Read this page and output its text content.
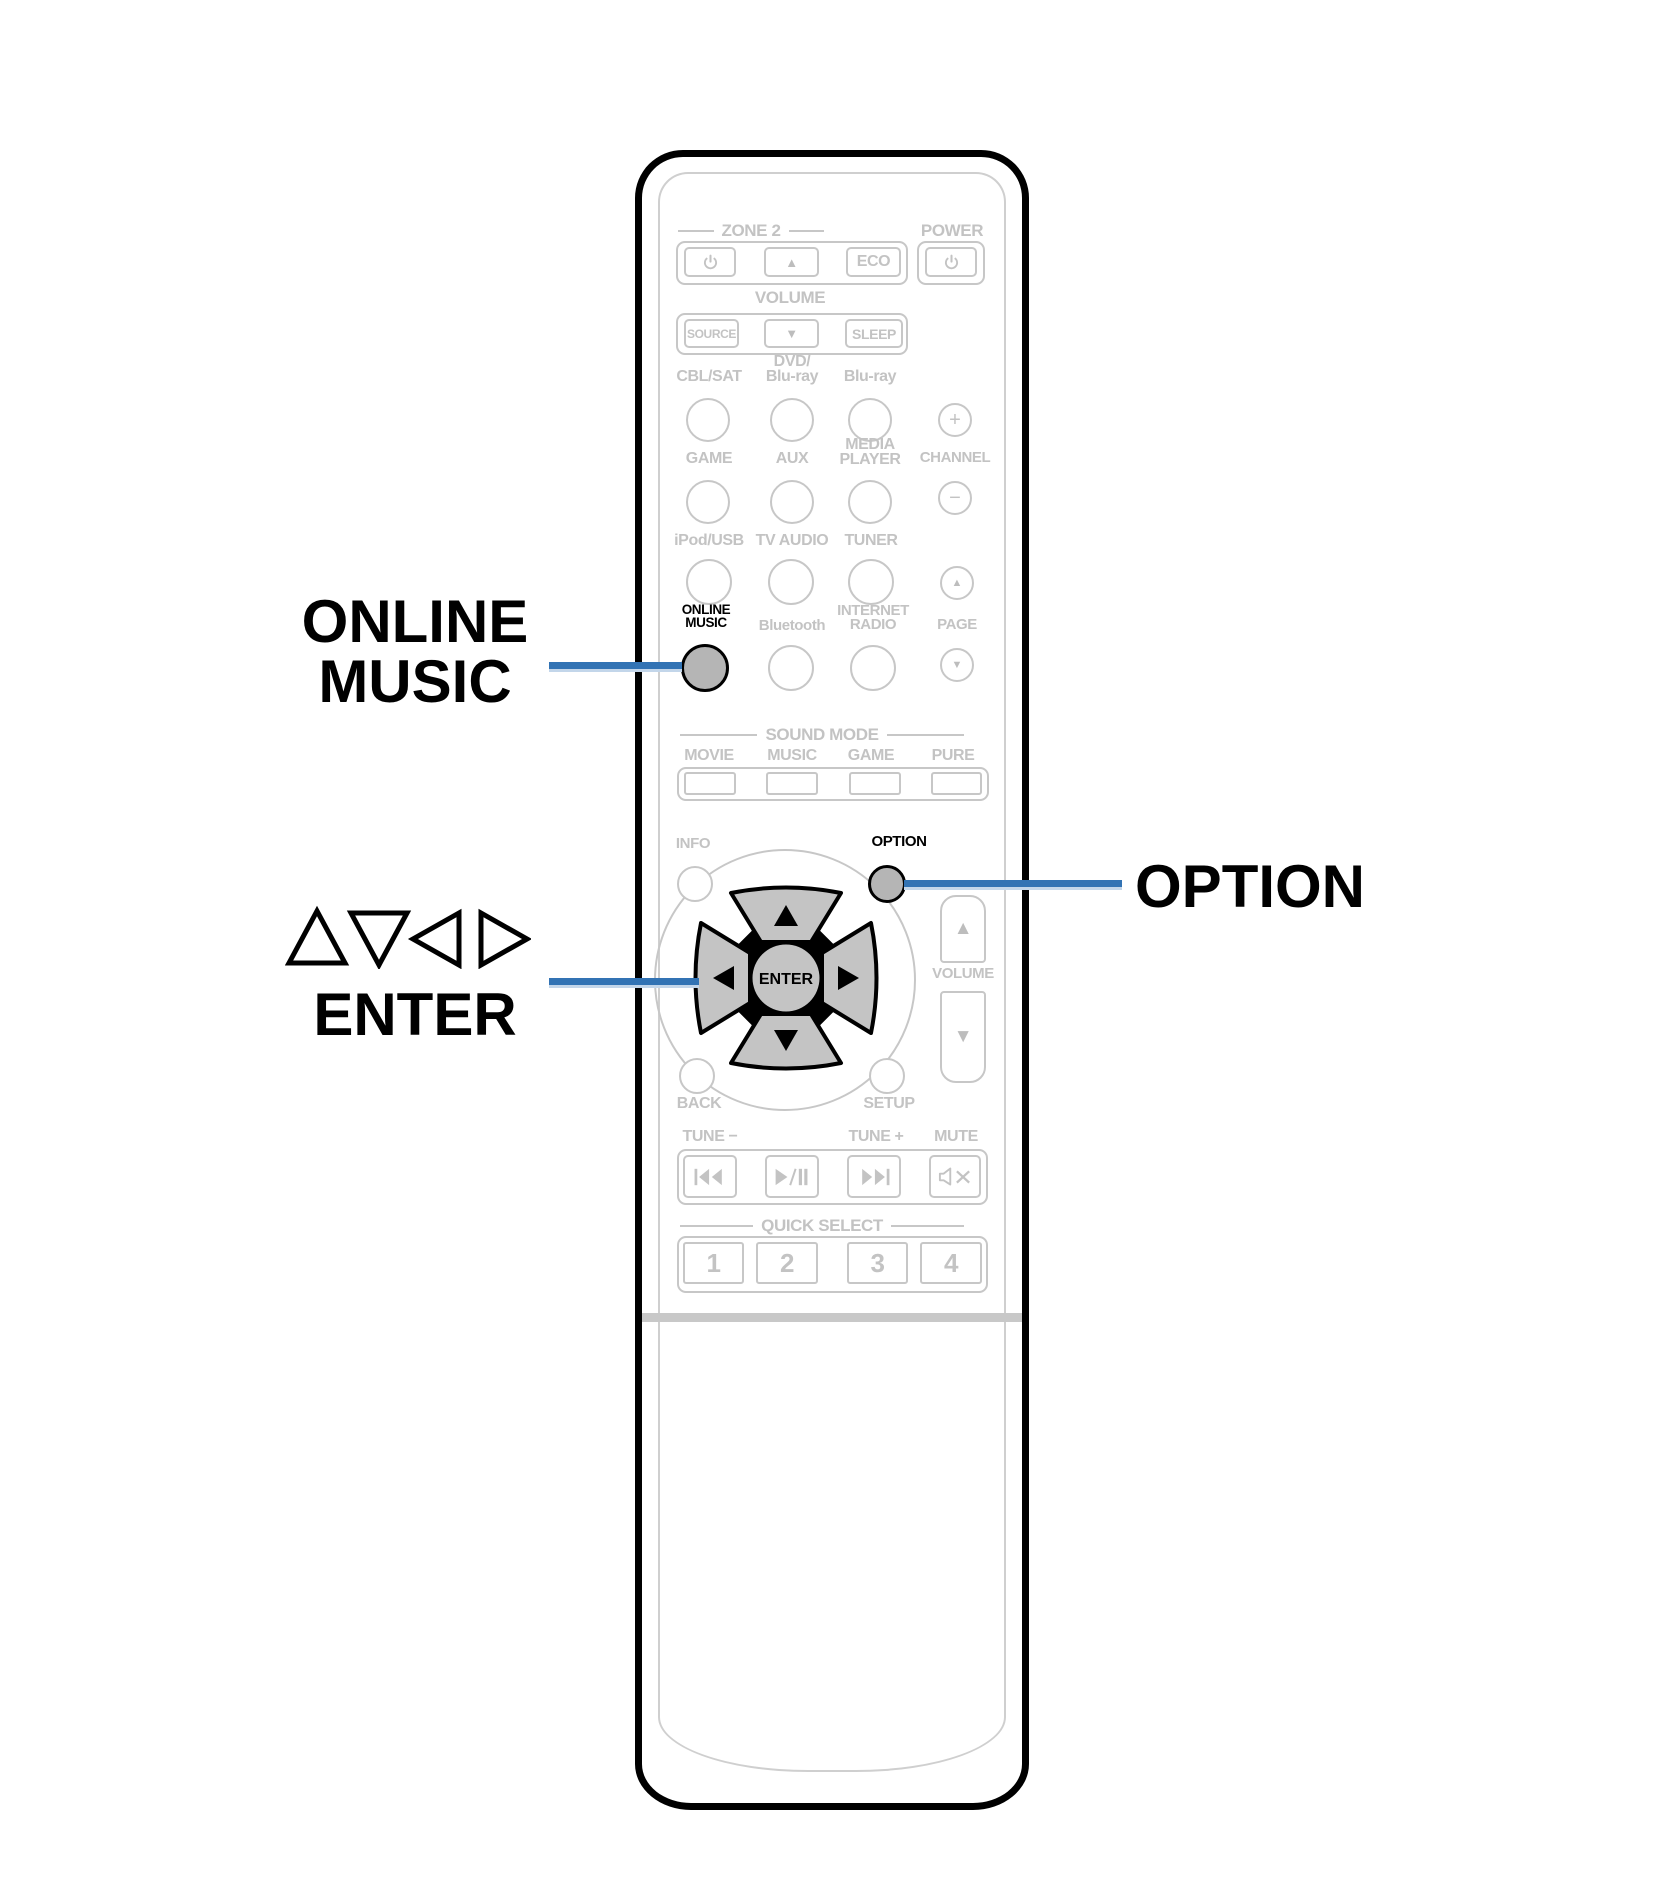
ZONE 2	POWER
▲	ECO
VOLUME
SOURCE	▼	SLEEP
CBL/SAT
DVD/
Blu-ray	Blu-ray
+
GAME	AUX
MEDIA
PLAYER	CHANNEL
−
iPod/USB TV AUDIO	TUNER
▲
PAGE
▼
ONLINE
MUSIC	Bluetooth
INTERNET
RADIO
SOUND MODE
MOVIE	MUSIC	GAME	PURE
INFO	OPTION
ENTER
BACK	SETUP
▲
VOLUME
▼
TUNE −	TUNE +	MUTE
QUICK SELECT
1	2	3	4
ONLINE
MUSIC
ENTER
OPTION
